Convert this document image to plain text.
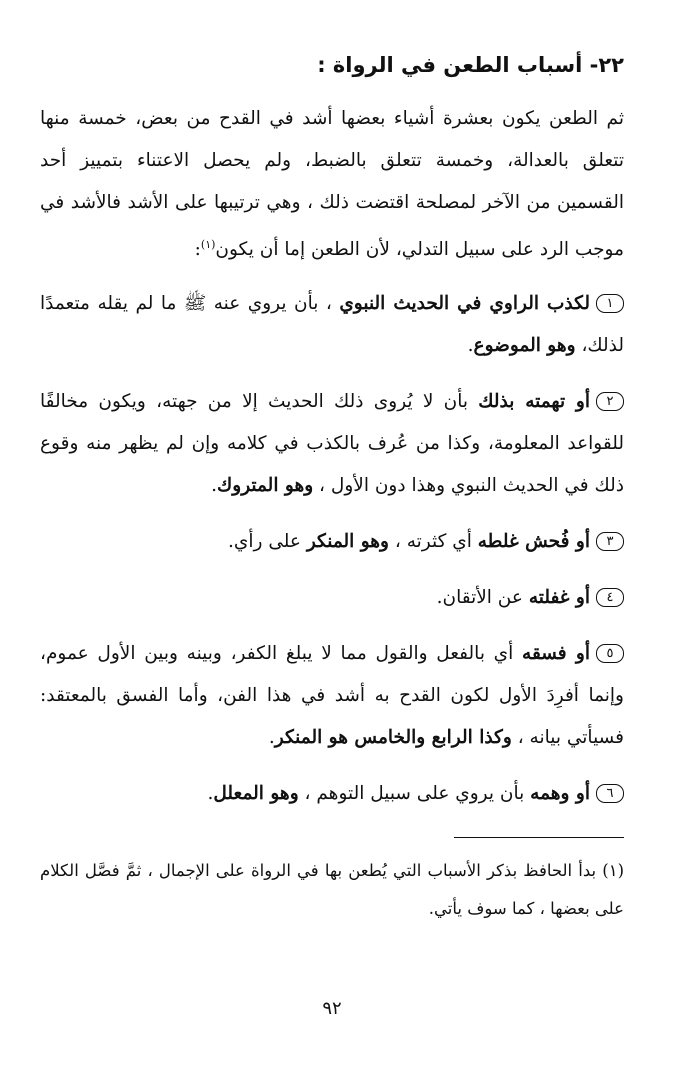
٢٢- أسباب الطعن في الرواة :

ثم الطعن يكون بعشرة أشياء بعضها أشد في القدح من بعض، خمسة منها تتعلق بالعدالة، وخمسة تتعلق بالضبط، ولم يحصل الاعتناء بتمييز أحد القسمين من الآخر لمصلحة اقتضت ذلك ، وهي ترتيبها على الأشد فالأشد في موجب الرد على سبيل التدلي، لأن الطعن إما أن يكون$^{(١)}$:

١لكذب الراوي في الحديث النبوي ، بأن يروي عنه ﷺ ما لم يقله متعمدًا لذلك، وهو الموضوع.

٢أو تهمته بذلك بأن لا يُروى ذلك الحديث إلا من جهته، ويكون مخالفًا للقواعد المعلومة، وكذا من عُرف بالكذب في كلامه وإن لم يظهر منه وقوع ذلك في الحديث النبوي وهذا دون الأول ، وهو المتروك.

٣أو فُحش غلطه أي كثرته ، وهو المنكر على رأي.

٤أو غفلته عن الأتقان.

٥أو فسقه أي بالفعل والقول مما لا يبلغ الكفر، وبينه وبين الأول عموم، وإنما أفرِدَ الأول لكون القدح به أشد في هذا الفن، وأما الفسق بالمعتقد: فسيأتي بيانه ، وكذا الرابع والخامس هو المنكر.

٦أو وهمه بأن يروي على سبيل التوهم ، وهو المعلل.

(١) بدأ الحافظ بذكر الأسباب التي يُطعن بها في الرواة على الإجمال ، ثمَّ فصَّل الكلام على بعضها ، كما سوف يأتي.

٩٢
